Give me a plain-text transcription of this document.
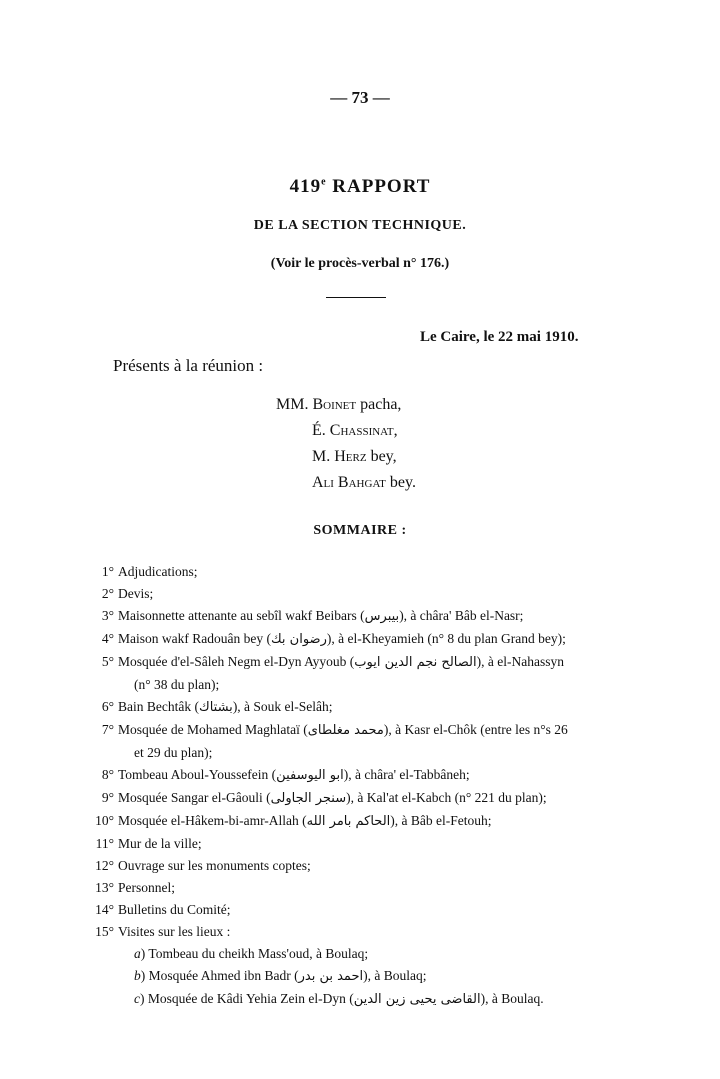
— 73 —
419e RAPPORT
DE LA SECTION TECHNIQUE.
(Voir le procès-verbal n° 176.)
Le Caire, le 22 mai 1910.
Présents à la réunion :
MM. Boinet pacha,
É. Chassinat,
M. Herz bey,
Ali Bahgat bey.
SOMMAIRE :
1° Adjudications;
2° Devis;
3° Maisonnette attenante au sebîl wakf Beibars (بيبرس), à châra' Bâb el-Nasr;
4° Maison wakf Radouân bey (رضوان بك), à el-Kheyamieh (n° 8 du plan Grand bey);
5° Mosquée d'el-Sâleh Negm el-Dyn Ayyoub (الصالح نجم الدين ايوب), à el-Nahassyn
(n° 38 du plan);
6° Bain Bechtâk (بشتاك), à Souk el-Selâh;
7° Mosquée de Mohamed Maghlataï (محمد مغلطاى), à Kasr el-Chôk (entre les n°s 26
et 29 du plan);
8° Tombeau Aboul-Youssefein (ابو اليوسفين), à châra' el-Tabbâneh;
9° Mosquée Sangar el-Gâouli (سنجر الجاولى), à Kal'at el-Kabch (n° 221 du plan);
10° Mosquée el-Hâkem-bi-amr-Allah (الحاكم بامر الله), à Bâb el-Fetouh;
11° Mur de la ville;
12° Ouvrage sur les monuments coptes;
13° Personnel;
14° Bulletins du Comité;
15° Visites sur les lieux :
a) Tombeau du cheikh Mass'oud, à Boulaq;
b) Mosquée Ahmed ibn Badr (احمد بن بدر), à Boulaq;
c) Mosquée de Kâdi Yehia Zein el-Dyn (القاضى يحيى زين الدين), à Boulaq.
